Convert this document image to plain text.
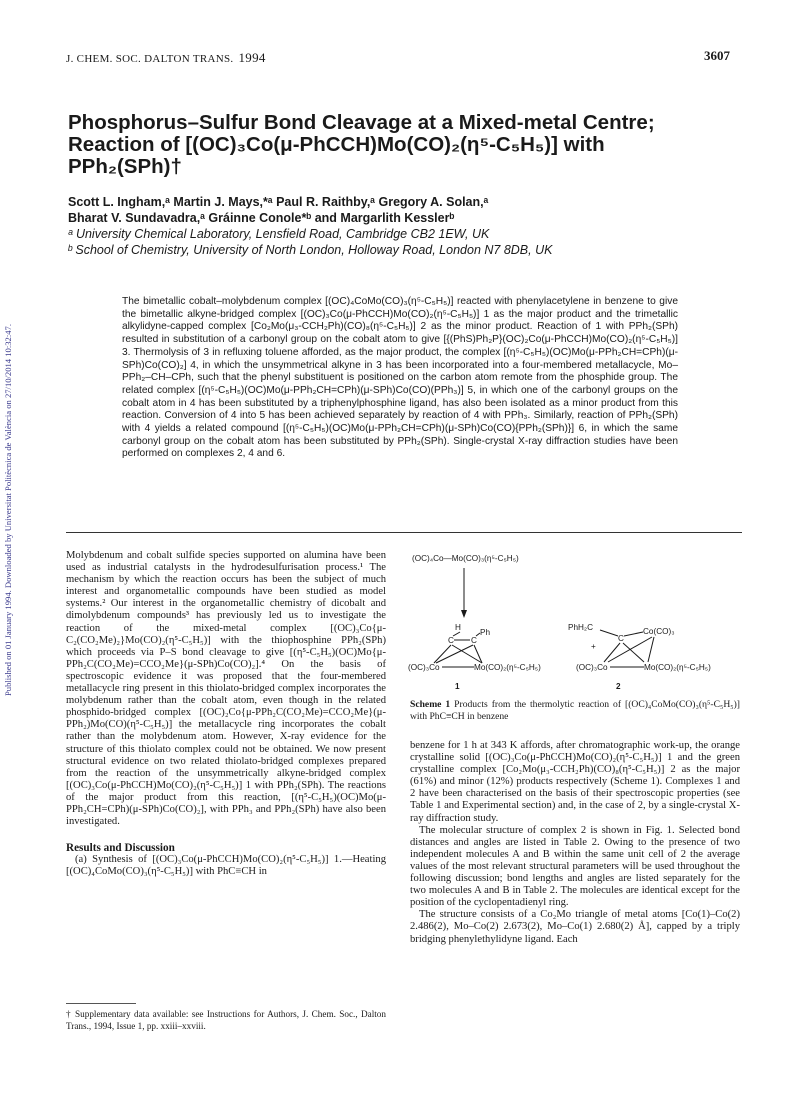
J. CHEM. SOC. DALTON TRANS. 1994	3607
Published on 01 January 1994. Downloaded by Universitat Politècnica de València on 27/10/2014 10:32:47.
Phosphorus–Sulfur Bond Cleavage at a Mixed-metal Centre;
Reaction of [(OC)₃Co(μ-PhCCH)Mo(CO)₂(η⁵-C₅H₅)] with
PPh₂(SPh)†
Scott L. Ingham,ᵃ Martin J. Mays,*ᵃ Paul R. Raithby,ᵃ Gregory A. Solan,ᵃ
Bharat V. Sundavadra,ᵃ Gráinne Conole*ᵇ and Margarlith Kesslerᵇ
ᵃ University Chemical Laboratory, Lensfield Road, Cambridge CB2 1EW, UK
ᵇ School of Chemistry, University of North London, Holloway Road, London N7 8DB, UK
The bimetallic cobalt–molybdenum complex [(OC)₄CoMo(CO)₃(η⁵-C₅H₅)] reacted with phenylacetylene in benzene to give the bimetallic alkyne-bridged complex [(OC)₃Co(μ-PhCCH)Mo(CO)₂(η⁵-C₅H₅)] 1 as the major product and the trimetallic alkylidyne-capped complex [Co₂Mo(μ₃-CCH₂Ph)(CO)₈(η⁵-C₅H₅)] 2 as the minor product. Reaction of 1 with PPh₂(SPh) resulted in substitution of a carbonyl group on the cobalt atom to give [{(PhS)Ph₂P}(OC)₂Co(μ-PhCCH)Mo(CO)₂(η⁵-C₅H₅)] 3. Thermolysis of 3 in refluxing toluene afforded, as the major product, the complex [(η⁵-C₅H₅)(OC)Mo(μ-PPh₂CH=CPh)(μ-SPh)Co(CO)₂] 4, in which the unsymmetrical alkyne in 3 has been incorporated into a four-membered metallacycle, Mo–PPh₂–CH–CPh, such that the phenyl substituent is positioned on the carbon atom remote from the phosphide group. The related complex [(η⁵-C₅H₅)(OC)Mo(μ-PPh₂CH=CPh)(μ-SPh)Co(CO)(PPh₃)] 5, in which one of the carbonyl groups on the cobalt atom in 4 has been substituted by a triphenylphosphine ligand, has also been isolated as a minor product from this reaction. Conversion of 4 into 5 has been achieved separately by reaction of 4 with PPh₃. Similarly, reaction of PPh₂(SPh) with 4 yields a related compound [(η⁵-C₅H₅)(OC)Mo(μ-PPh₂CH=CPh)(μ-SPh)Co(CO){PPh₂(SPh)}] 6, in which the same carbonyl group on the cobalt atom has been substituted by PPh₂(SPh). Single-crystal X-ray diffraction studies have been performed on complexes 2, 4 and 6.

Molybdenum and cobalt sulfide species supported on alumina have been used as industrial catalysts in the hydrodesulfurisation process.¹ The mechanism by which the reaction occurs has been the subject of much interest and organometallic compounds have been studied as model systems.² Our interest in the organometallic chemistry of dicobalt and dimolybdenum compounds³ has previously led us to investigate the reaction of the mixed-metal complex [(OC)₃Co{μ-C₂(CO₂Me)₂}Mo(CO)₂(η⁵-C₅H₅)] with the thiophosphine PPh₂(SPh) which proceeds via P–S bond cleavage to give [(η⁵-C₅H₅)(OC)Mo{μ-PPh₂C(CO₂Me)=CCO₂Me}(μ-SPh)Co(CO)₂].⁴ On the basis of spectroscopic evidence it was proposed that the four-membered metallacycle ring present in this thiolato-bridged complex incorporates the molybdenum rather than the cobalt atom, even though in the related phosphido-bridged complex [(OC)₂Co{μ-PPh₂C(CO₂Me)=CCO₂Me}(μ-PPh₂)Mo(CO)(η⁵-C₅H₅)] the metallacycle ring incorporates the cobalt rather than the molybdenum atom. However, X-ray evidence for the structure of this thiolato complex could not be obtained. We now present structural evidence on two related thiolato-bridged complexes prepared from the reaction of the unsymmetrically alkyne-bridged complex [(OC)₃Co(μ-PhCCH)Mo(CO)₂(η⁵-C₅H₅)] 1 with PPh₂(SPh). The reactions of the major product from this reaction, [(η⁵-C₅H₅)(OC)Mo(μ-PPh₂CH=CPh)(μ-SPh)Co(CO)₂], with PPh₃ and PPh₂(SPh) have also been investigated.

Results and Discussion

(a) Synthesis of [(OC)₃Co(μ-PhCCH)Mo(CO)₂(η⁵-C₅H₅)] 1.—Heating [(OC)₄CoMo(CO)₃(η⁵-C₅H₅)] with PhC≡CH in

† Supplementary data available: see Instructions for Authors, J. Chem. Soc., Dalton Trans., 1994, Issue 1, pp. xxiii–xxviii.
(OC)₄Co—Mo(CO)₃(η⁵-C₅H₅)
H
Ph
C C
(OC)₃Co	Mo(CO)₂(η⁵-C₅H₅)
1
+
PhH₂C
C
Co(CO)₃
(OC)₃Co	Mo(CO)₂(η⁵-C₅H₅)
2
Scheme 1 Products from the thermolytic reaction of [(OC)₄CoMo(CO)₃(η⁵-C₅H₅)] with PhC≡CH in benzene

benzene for 1 h at 343 K affords, after chromatographic work-up, the orange crystalline solid [(OC)₃Co(μ-PhCCH)Mo(CO)₂(η⁵-C₅H₅)] 1 and the green crystalline complex [Co₂Mo(μ₃-CCH₂Ph)(CO)₈(η⁵-C₅H₅)] 2 as the major (61%) and minor (12%) products respectively (Scheme 1). Complexes 1 and 2 have been characterised on the basis of their spectroscopic properties (see Table 1 and Experimental section) and, in the case of 2, by a single-crystal X-ray diffraction study.

The molecular structure of complex 2 is shown in Fig. 1. Selected bond distances and angles are listed in Table 2. Owing to the presence of two independent molecules A and B within the same unit cell of 2 the average values of the most relevant structural parameters will be used throughout the following discussion; bond lengths and angles are listed separately for the two molecules A and B in Table 2. The molecules are identical except for the position of the cyclopentadienyl ring.

The structure consists of a Co₂Mo triangle of metal atoms [Co(1)–Co(2) 2.486(2), Mo–Co(2) 2.673(2), Mo–Co(1) 2.680(2) Å], capped by a triply bridging phenylethylidyne ligand. Each
